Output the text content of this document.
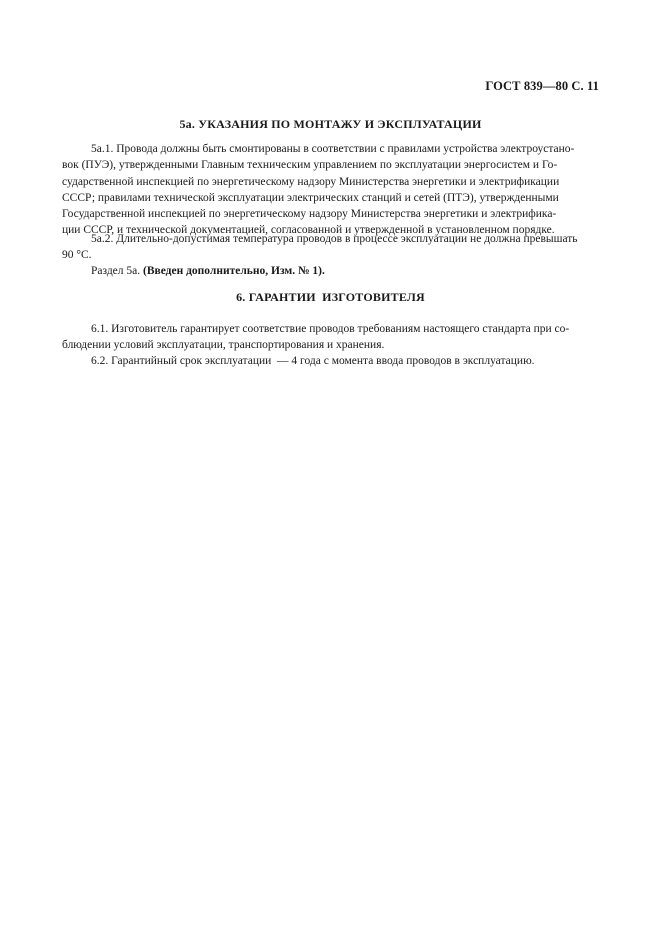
ГОСТ 839—80 С. 11
5а. УКАЗАНИЯ ПО МОНТАЖУ И ЭКСПЛУАТАЦИИ
5а.1. Провода должны быть смонтированы в соответствии с правилами устройства электроустано-
вок (ПУЭ), утвержденными Главным техническим управлением по эксплуатации энергосистем и Го-
сударственной инспекцией по энергетическому надзору Министерства энергетики и электрификации
СССР; правилами технической эксплуатации электрических станций и сетей (ПТЭ), утвержденными
Государственной инспекцией по энергетическому надзору Министерства энергетики и электрифика-
ции СССР, и технической документацией, согласованной и утвержденной в установленном порядке.
5а.2. Длительно-допустимая температура проводов в процессе эксплуатации не должна превышать
90 °С.
Раздел 5а. (Введен дополнительно, Изм. № 1).
6. ГАРАНТИИ  ИЗГОТОВИТЕЛЯ
6.1. Изготовитель гарантирует соответствие проводов требованиям настоящего стандарта при со-
блюдении условий эксплуатации, транспортирования и хранения.
6.2. Гарантийный срок эксплуатации  — 4 года с момента ввода проводов в эксплуатацию.
